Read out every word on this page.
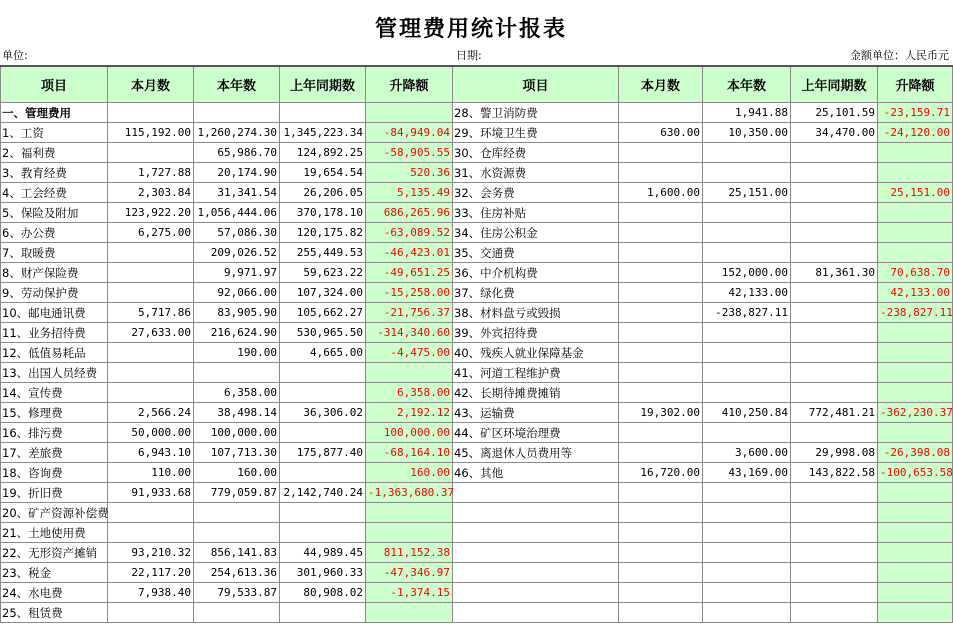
管理费用统计报表
单位:	日期:	金额单位：人民币元
项目	本月数	本年数	上年同期数	升降额	项目	本月数	本年数	上年同期数	升降额
一、管理费用					28、警卫消防费		1,941.88	25,101.59	-23,159.71
1、工资	115,192.00	1,260,274.30	1,345,223.34	-84,949.04	29、环境卫生费	630.00	10,350.00	34,470.00	-24,120.00
2、福利费		65,986.70	124,892.25	-58,905.55	30、仓库经费				
3、教育经费	1,727.88	20,174.90	19,654.54	520.36	31、水资源费				
4、工会经费	2,303.84	31,341.54	26,206.05	5,135.49	32、会务费	1,600.00	25,151.00		25,151.00
5、保险及附加	123,922.20	1,056,444.06	370,178.10	686,265.96	33、住房补贴				
6、办公费	6,275.00	57,086.30	120,175.82	-63,089.52	34、住房公积金				
7、取暖费		209,026.52	255,449.53	-46,423.01	35、交通费				
8、财产保险费		9,971.97	59,623.22	-49,651.25	36、中介机构费		152,000.00	81,361.30	70,638.70
9、劳动保护费		92,066.00	107,324.00	-15,258.00	37、绿化费		42,133.00		42,133.00
10、邮电通讯费	5,717.86	83,905.90	105,662.27	-21,756.37	38、材料盘亏或毁损		-238,827.11		-238,827.11
11、业务招待费	27,633.00	216,624.90	530,965.50	-314,340.60	39、外宾招待费				
12、低值易耗品		190.00	4,665.00	-4,475.00	40、残疾人就业保障基金				
13、出国人员经费					41、河道工程维护费				
14、宣传费		6,358.00		6,358.00	42、长期待摊费摊销				
15、修理费	2,566.24	38,498.14	36,306.02	2,192.12	43、运输费	19,302.00	410,250.84	772,481.21	-362,230.37
16、排污费	50,000.00	100,000.00		100,000.00	44、矿区环境治理费				
17、差旅费	6,943.10	107,713.30	175,877.40	-68,164.10	45、离退休人员费用等		3,600.00	29,998.08	-26,398.08
18、咨询费	110.00	160.00		160.00	46、其他	16,720.00	43,169.00	143,822.58	-100,653.58
19、折旧费	91,933.68	779,059.87	2,142,740.24	-1,363,680.37					
20、矿产资源补偿费									
21、土地使用费									
22、无形资产摊销	93,210.32	856,141.83	44,989.45	811,152.38					
23、税金	22,117.20	254,613.36	301,960.33	-47,346.97					
24、水电费	7,938.40	79,533.87	80,908.02	-1,374.15					
25、租赁费									
